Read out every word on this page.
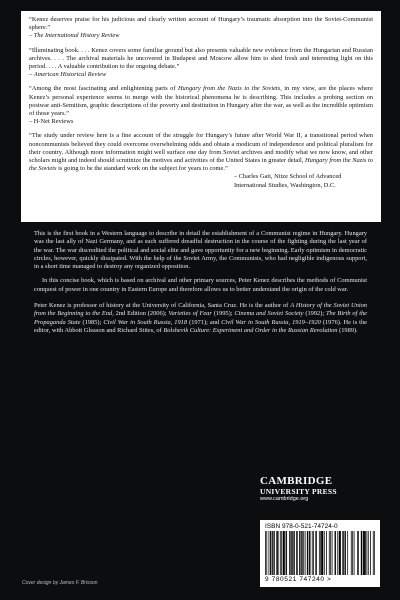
“Kenez deserves praise for his judicious and clearly written account of Hungary’s traumatic absorption into the Soviet-Communist sphere.”

– The International History Review

“Illuminating book. . . . Kenez covers some familiar ground but also presents valuable new evidence from the Hungarian and Russian archives. . . . The archival materials he uncovered in Budapest and Moscow allow him to shed fresh and interesting light on this period. . . . A valuable contribution to the ongoing debate.”

– American Historical Review

“Among the most fascinating and enlightening parts of Hungary from the Nazis to the Soviets, in my view, are the places where Kenez’s personal experience seems to merge with the historical phenomena he is describing. This includes a probing section on postwar anti-Semitism, graphic descriptions of the poverty and destitution in Hungary after the war, as well as the incredible optimism of those years.”

– H-Net Reviews

“The study under review here is a fine account of the struggle for Hungary’s future after World War II, a transitional period when noncommunists believed they could overcome overwhelming odds and obtain a modicum of independence and political pluralism for their country. Although more information might well surface one day from Soviet archives and modify what we now know, and other scholars might and indeed should scrutinize the motives and activities of the United States in greater detail, Hungary from the Nazis to the Soviets is going to be the standard work on the subject for years to come.”

– Charles Gati, Nitze School of Advanced
International Studies, Washington, D.C.

This is the first book in a Western language to describe in detail the establishment of a Communist regime in Hungary. Hungary was the last ally of Nazi Germany, and as such suffered dreadful destruction in the course of the fighting during the last year of the war. The war discredited the political and social elite and gave opportunity for a new beginning. Early optimism in democratic circles, however, quickly dissipated. With the help of the Soviet Army, the Communists, who had negligible indigenous support, in a short time managed to destroy any organized opposition.

In this concise book, which is based on archival and other primary sources, Peter Kenez describes the methods of Communist conquest of power in one country in Eastern Europe and therefore allows us to better understand the origin of the cold war.

Peter Kenez is professor of history at the University of California, Santa Cruz. He is the author of A History of the Soviet Union from the Beginning to the End, 2nd Edition (2006); Varieties of Fear (1995); Cinema and Soviet Society (1992); The Birth of the Propaganda State (1985); Civil War in South Russia, 1918 (1971); and Civil War in South Russia, 1919–1920 (1976). He is the editor, with Abbott Gleason and Richard Stites, of Bolshevik Culture: Experiment and Order in the Russian Revolution (1989).

CAMBRIDGE
UNIVERSITY PRESS
www.cambridge.org
ISBN 978-0-521-74724-0
9 780521 747240 >
Cover design by James F. Brisson
